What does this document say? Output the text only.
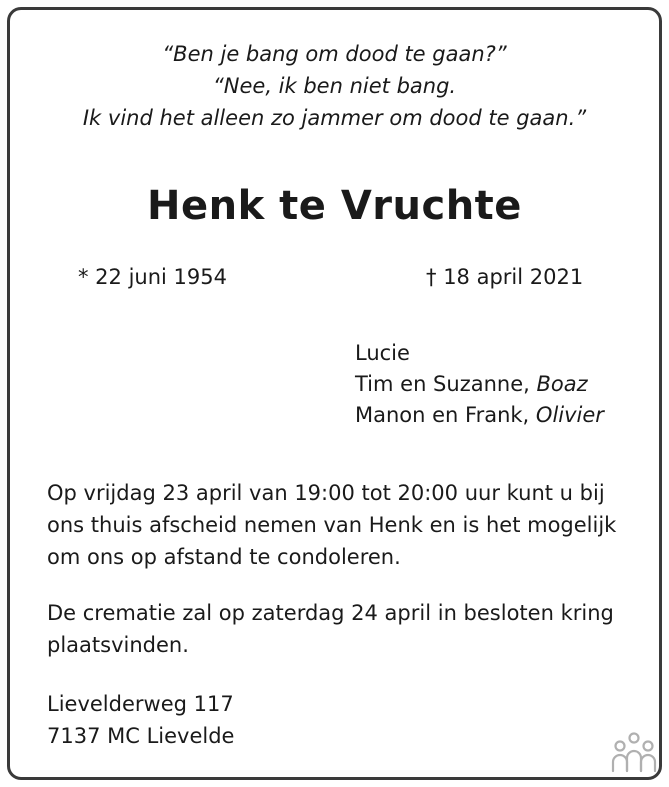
“Ben je bang om dood te gaan?”
“Nee, ik ben niet bang.
Ik vind het alleen zo jammer om dood te gaan.”
Henk te Vruchte
* 22 juni 1954	† 18 april 2021
Lucie
Tim en Suzanne, Boaz
Manon en Frank, Olivier
Op vrijdag 23 april van 19:00 tot 20:00 uur kunt u bij
ons thuis afscheid nemen van Henk en is het mogelijk
om ons op afstand te condoleren.
De crematie zal op zaterdag 24 april in besloten kring
plaatsvinden.
Lievelderweg 117
7137 MC Lievelde
